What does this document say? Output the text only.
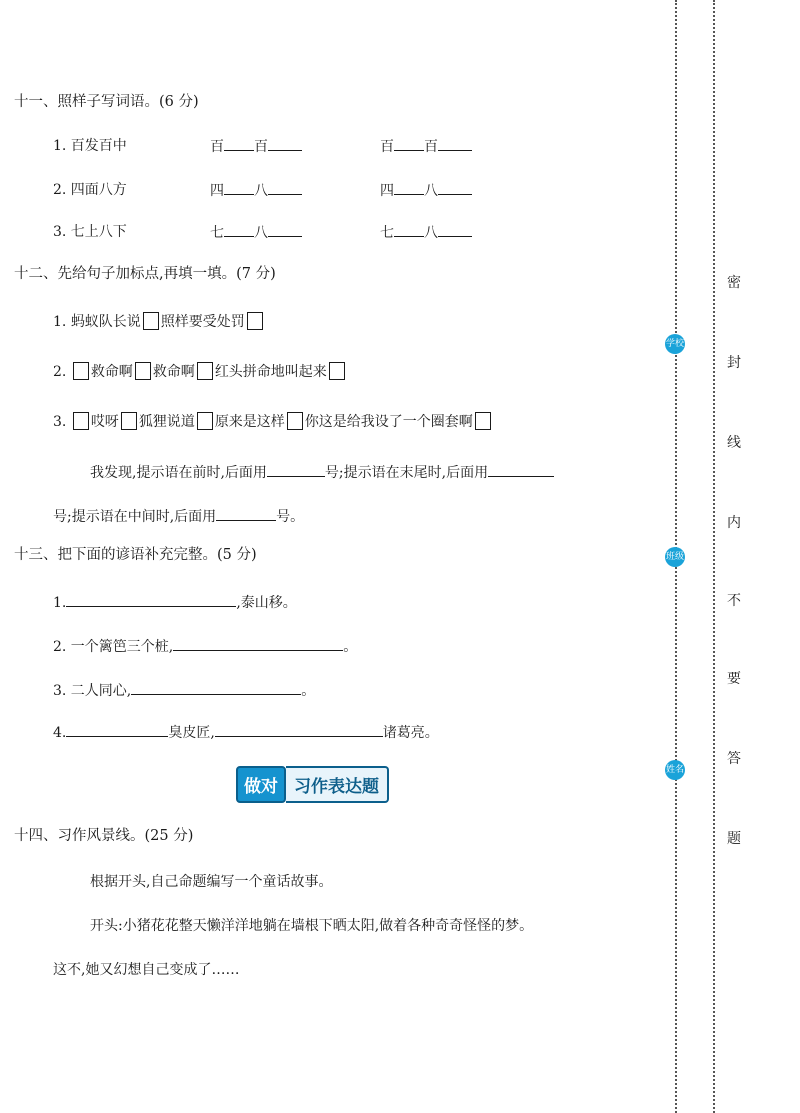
十一、照样子写词语。(6 分)
1. 百发百中	百 百	百 百
2. 四面八方	四 八	四 八
3. 七上八下	七 八	七 八
十二、先给句子加标点,再填一填。(7 分)
1. 蚂蚁队长说 照样要受处罚
2. 救命啊 救命啊 红头拼命地叫起来
3. 哎呀 狐狸说道 原来是这样 你这是给我设了一个圈套啊
我发现,提示语在前时,后面用	号;提示语在末尾时,后面用
号;提示语在中间时,后面用	号。
十三、把下面的谚语补充完整。(5 分)
1.	,泰山移。
2. 一个篱笆三个桩,	。
3. 二人同心,	。
4.	臭皮匠,	诸葛亮。
做对 习作表达题
十四、习作风景线。(25 分)
根据开头,自己命题编写一个童话故事。
开头:小猪花花整天懒洋洋地躺在墙根下晒太阳,做着各种奇奇怪怪的梦。
这不,她又幻想自己变成了……
学校
班级
姓名
密
封
线
内
不
要
答
题
